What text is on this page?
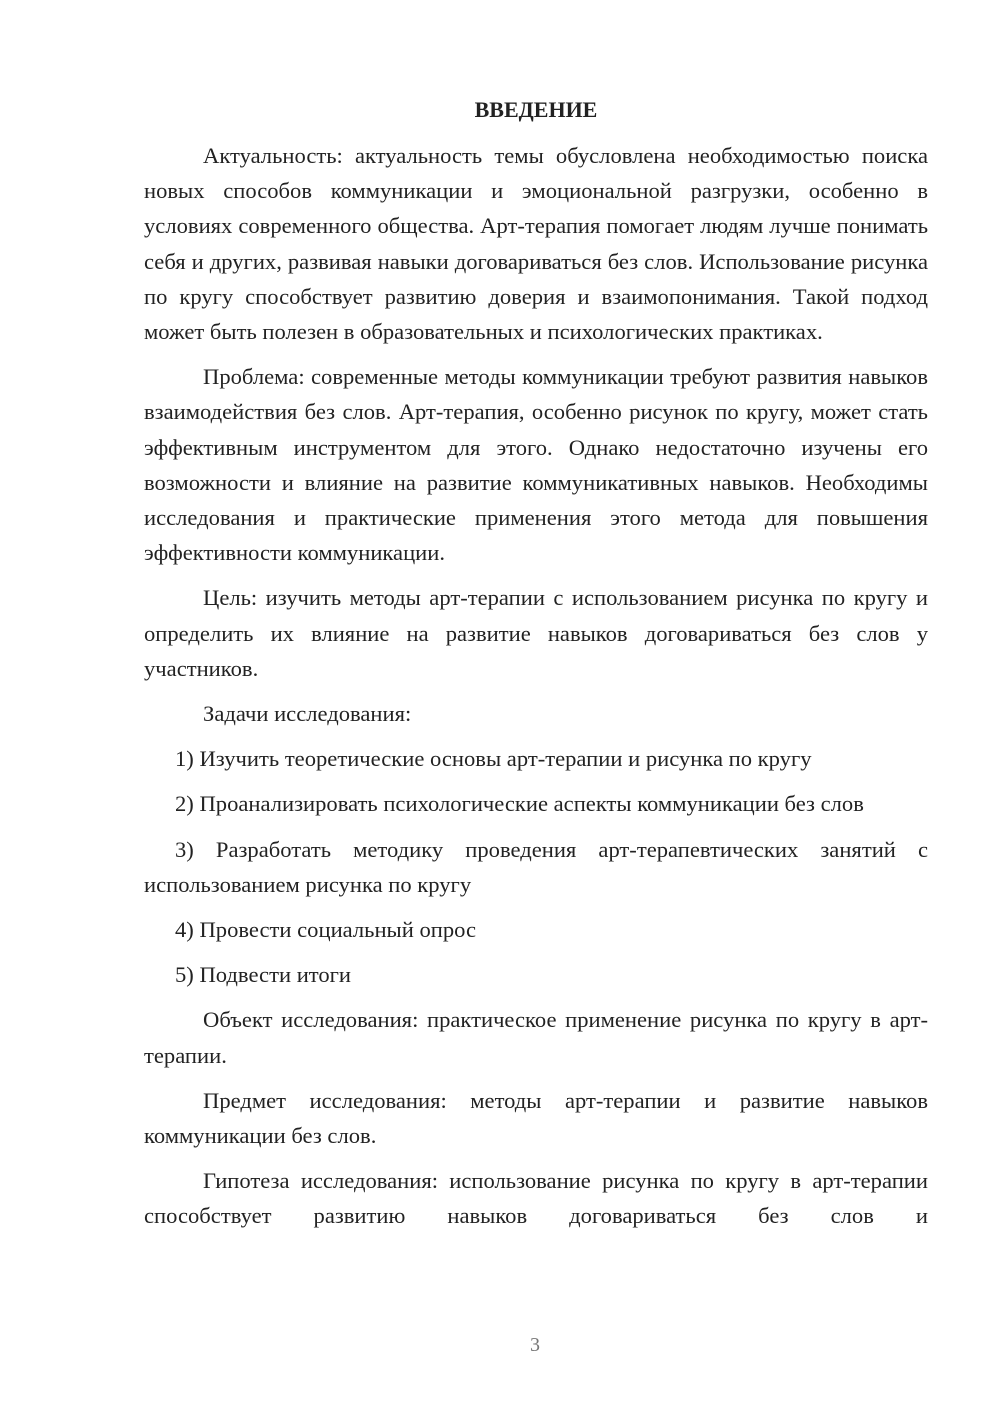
ВВЕДЕНИЕ

Актуальность: актуальность темы обусловлена необходимостью поиска новых способов коммуникации и эмоциональной разгрузки, особенно в условиях современного общества. Арт-терапия помогает людям лучше понимать себя и других, развивая навыки договариваться без слов. Использование рисунка по кругу способствует развитию доверия и взаимопонимания. Такой подход может быть полезен в образовательных и психологических практиках.

Проблема: современные методы коммуникации требуют развития навыков взаимодействия без слов. Арт-терапия, особенно рисунок по кругу, может стать эффективным инструментом для этого. Однако недостаточно изучены его возможности и влияние на развитие коммуникативных навыков. Необходимы исследования и практические применения этого метода для повышения эффективности коммуникации.

Цель: изучить методы арт-терапии с использованием рисунка по кругу и определить их влияние на развитие навыков договариваться без слов у участников.

Задачи исследования:

1) Изучить теоретические основы арт-терапии и рисунка по кругу

2) Проанализировать психологические аспекты коммуникации без слов

3) Разработать методику проведения арт-терапевтических занятий с использованием рисунка по кругу

4) Провести социальный опрос

5) Подвести итоги

Объект исследования: практическое применение рисунка по кругу в арт-терапии.

Предмет исследования: методы арт-терапии и развитие навыков коммуникации без слов.

Гипотеза исследования: использование рисунка по кругу в арт-терапии способствует развитию навыков договариваться без слов и

3
